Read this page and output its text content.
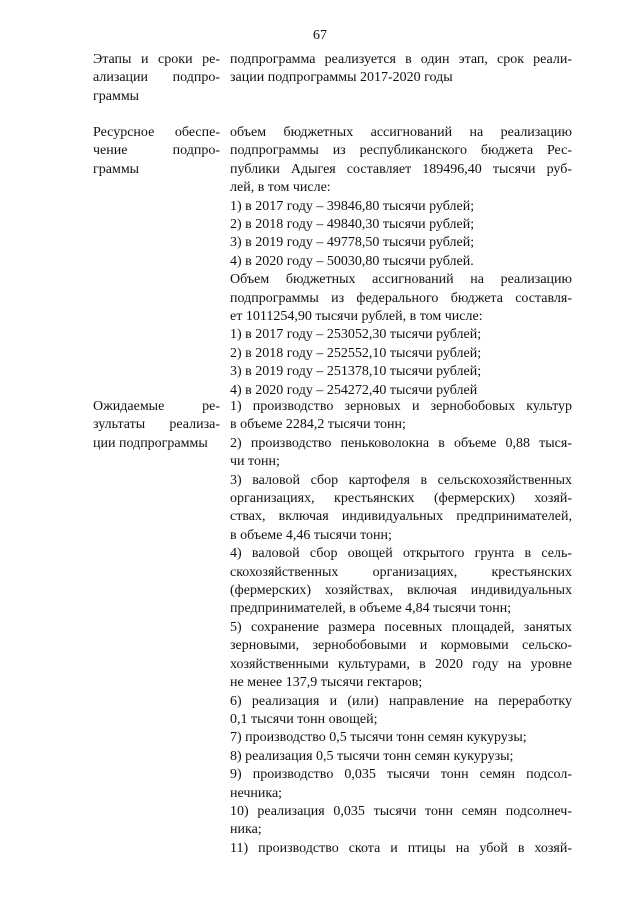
67
Этапы и сроки ре-
ализации подпро-
граммы
подпрограмма реализуется в один этап, срок реали-
зации подпрограммы 2017-2020 годы
Ресурсное обеспе-
чение подпро-
граммы
объем бюджетных ассигнований на реализацию
подпрограммы из республиканского бюджета Рес-
публики Адыгея составляет 189496,40 тысячи руб-
лей, в том числе:
1) в 2017 году – 39846,80 тысячи рублей;
2) в 2018 году – 49840,30 тысячи рублей;
3) в 2019 году – 49778,50 тысячи рублей;
4) в 2020 году – 50030,80 тысячи рублей.
Объем бюджетных ассигнований на реализацию
подпрограммы из федерального бюджета составля-
ет 1011254,90 тысячи рублей, в том числе:
1) в 2017 году – 253052,30 тысячи рублей;
2) в 2018 году – 252552,10 тысячи рублей;
3) в 2019 году – 251378,10 тысячи рублей;
4) в 2020 году – 254272,40 тысячи рублей
Ожидаемые ре-
зультаты реализа-
ции подпрограммы
1) производство зерновых и зернобобовых культур
в объеме 2284,2 тысячи тонн;
2) производство пеньковолокна в объеме 0,88 тыся-
чи тонн;
3) валовой сбор картофеля в сельскохозяйственных
организациях, крестьянских (фермерских) хозяй-
ствах, включая индивидуальных предпринимателей,
в объеме 4,46 тысячи тонн;
4) валовой сбор овощей открытого грунта в сель-
скохозяйственных организациях, крестьянских
(фермерских) хозяйствах, включая индивидуальных
предпринимателей, в объеме 4,84 тысячи тонн;
5) сохранение размера посевных площадей, занятых
зерновыми, зернобобовыми и кормовыми сельско-
хозяйственными культурами, в 2020 году на уровне
не менее 137,9 тысячи гектаров;
6) реализация и (или) направление на переработку
0,1 тысячи тонн овощей;
7) производство 0,5 тысячи тонн семян кукурузы;
8) реализация 0,5 тысячи тонн семян кукурузы;
9) производство 0,035 тысячи тонн семян подсол-
нечника;
10) реализация 0,035 тысячи тонн семян подсолнеч-
ника;
11) производство скота и птицы на убой в хозяй-
